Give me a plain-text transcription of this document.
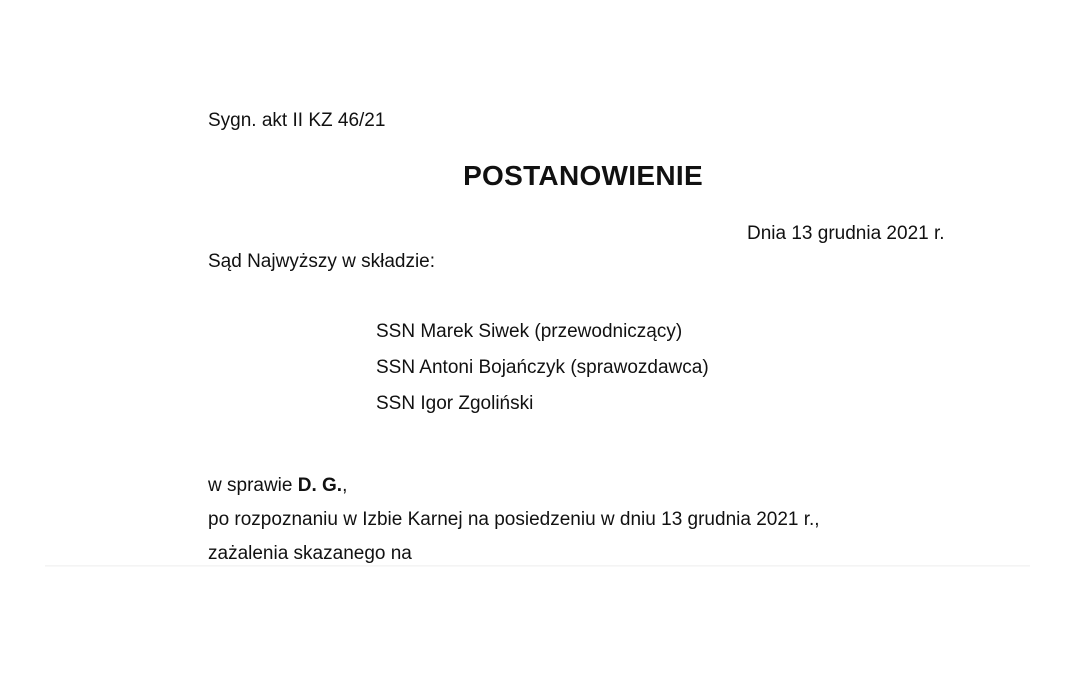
Sygn. akt II KZ 46/21
POSTANOWIENIE
Dnia 13 grudnia 2021 r.
Sąd Najwyższy w składzie:
SSN Marek Siwek (przewodniczący)
SSN Antoni Bojańczyk (sprawozdawca)
SSN Igor Zgoliński
w sprawie D. G.,
po rozpoznaniu w Izbie Karnej na posiedzeniu w dniu 13 grudnia 2021 r.,
zażalenia skazanego na
